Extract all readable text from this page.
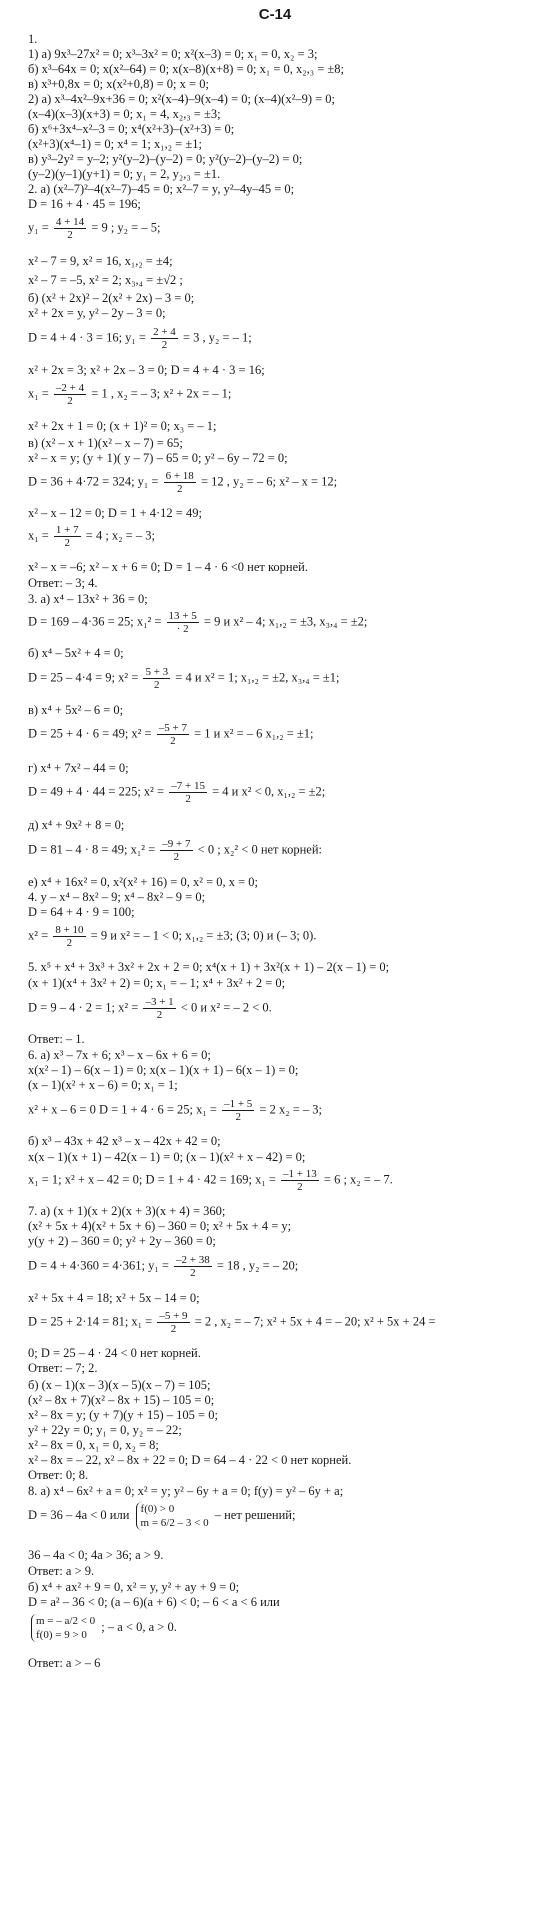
С-14
1.
1) а) 9x³–27x² = 0; x³–3x² = 0; x²(x–3) = 0; x₁ = 0, x₂ = 3;
б) x³–64x = 0; x(x²–64) = 0; x(x–8)(x+8) = 0; x₁ = 0, x₂,₃ = ±8;
в) x³+0,8x = 0; x(x²+0,8) = 0; x = 0;
2) а) x³–4x²–9x+36 = 0; x²(x–4)–9(x–4) = 0; (x–4)(x²–9) = 0;
(x–4)(x–3)(x+3) = 0; x₁ = 4, x₂,₃ = ±3;
б) x⁶+3x⁴–x²–3 = 0; x⁴(x²+3)–(x²+3) = 0;
(x²+3)(x⁴–1) = 0; x⁴ = 1; x₁,₂ = ±1;
в) y³–2y² = y–2; y²(y–2)–(y–2) = 0; y²(y–2)–(y–2) = 0;
(y–2)(y–1)(y+1) = 0; y₁ = 2, y₂,₃ = ±1.
2. а) (x²–7)²–4(x²–7)–45 = 0; x²–7 = y, y²–4y–45 = 0;
D = 16 + 4 · 45 = 196;
$y_1 = \frac{4 + 14}{2} = 9$ ; y₂ = – 5;
x² – 7 = 9, x² = 16, x₁,₂ = ±4;
x² – 7 = –5, x² = 2; x₃,₄ = ±√2 ;
б) (x² + 2x)² – 2(x² + 2x) – 3 = 0;
x² + 2x = y, y² – 2y – 3 = 0;
D = 4 + 4 · 3 = 16; $y_1 = \frac{2 + 4}{2} = 3$ , y₂ = – 1;
x² + 2x = 3; x² + 2x – 3 = 0; D = 4 + 4 · 3 = 16;
$x_1 = \frac{-2 + 4}{2} = 1$ , x₂ = – 3; x² + 2x = – 1;
x² + 2x + 1 = 0; (x + 1)² = 0; x₃ = – 1;
в) (x² – x + 1)(x² – x – 7) = 65;
x² – x = y; (y + 1)( y – 7) – 65 = 0; y² – 6y – 72 = 0;
D = 36 + 4·72 = 324; $y_1 = \frac{6 + 18}{2} = 12$ , y₂ = – 6; x² – x = 12;
x² – x – 12 = 0; D = 1 + 4·12 = 49;
$x_1 = \frac{1 + 7}{2} = 4$ ; x₂ = – 3;
x² – x = –6; x² – x + 6 = 0; D = 1 – 4 · 6 <0 нет корней.
Ответ: – 3; 4.
3. а) x⁴ – 13x² + 36 = 0;
D = 169 – 4·36 = 25; $x_1^2 = \frac{13 + 5}{\cdot 2} = 9$ и x² – 4; x₁,₂ = ±3, x₃,₄ = ±2;
б) x⁴ – 5x² + 4 = 0;
D = 25 – 4·4 = 9; $x^2 = \frac{5 + 3}{2} = 4$ и x² = 1; x₁,₂ = ±2, x₃,₄ = ±1;
в) x⁴ + 5x² – 6 = 0;
D = 25 + 4 · 6 = 49; $x^2 = \frac{-5 + 7}{2} = 1$ и x² = – 6 x₁,₂ = ±1;
г) x⁴ + 7x² – 44 = 0;
D = 49 + 4 · 44 = 225; $x^2 = \frac{-7 + 15}{2} = 4$ и x² < 0, x₁,₂ = ±2;
д) x⁴ + 9x² + 8 = 0;
D = 81 – 4 · 8 = 49; $x_1^2 = \frac{-9 + 7}{2} < 0$ ; x₂² < 0 нет корней:
е) x⁴ + 16x² = 0, x²(x² + 16) = 0, x² = 0, x = 0;
4. y – x⁴ – 8x² – 9; x⁴ – 8x² – 9 = 0;
D = 64 + 4 · 9 = 100;
$x^2 = \frac{8 + 10}{2} = 9$ и x² = – 1 < 0; x₁,₂ = ±3; (3; 0) и (– 3; 0).
5. x⁵ + x⁴ + 3x³ + 3x² + 2x + 2 = 0; x⁴(x + 1) + 3x²(x + 1) – 2(x – 1) = 0;
(x + 1)(x⁴ + 3x² + 2) = 0; x₁ = – 1; x⁴ + 3x² + 2 = 0;
D = 9 – 4 · 2 = 1; $x^2 = \frac{-3 + 1}{2} < 0$ и x² = – 2 < 0.
Ответ: – 1.
6. а) x³ – 7x + 6; x³ – x – 6x + 6 = 0;
x(x² – 1) – 6(x – 1) = 0; x(x – 1)(x + 1) – 6(x – 1) = 0;
(x – 1)(x² + x – 6) = 0; x₁ = 1;
x² + x – 6 = 0 D = 1 + 4 · 6 = 25; $x_1 = \frac{-1 + 5}{2} = 2$ x₂ = – 3;
б) x³ – 43x + 42 x³ – x – 42x + 42 = 0;
x(x – 1)(x + 1) – 42(x – 1) = 0; (x – 1)(x² + x – 42) = 0;
x₁ = 1; x² + x – 42 = 0; D = 1 + 4 · 42 = 169; $x_1 = \frac{-1 + 13}{2} = 6$ ; x₂ = – 7.
7. а) (x + 1)(x + 2)(x + 3)(x + 4) = 360;
(x² + 5x + 4)(x² + 5x + 6) – 360 = 0; x² + 5x + 4 = y;
y(y + 2) – 360 = 0; y² + 2y – 360 = 0;
D = 4 + 4·360 = 4·361; $y_1 = \frac{-2 + 38}{2} = 18$ , y₂ = – 20;
x² + 5x + 4 = 18; x² + 5x – 14 = 0;
D = 25 + 2·14 = 81; $x_1 = \frac{-5 + 9}{2} = 2$ , x₂ = – 7; x² + 5x + 4 = – 20; x² + 5x + 24 =
0; D = 25 – 4 · 24 < 0 нет корней.
Ответ: – 7; 2.
б) (x – 1)(x – 3)(x – 5)(x – 7) = 105;
(x² – 8x + 7)(x² – 8x + 15) – 105 = 0;
x² – 8x = y; (y + 7)(y + 15) – 105 = 0;
y² + 22y = 0; y₁ = 0, y₂ = – 22;
x² – 8x = 0, x₁ = 0, x₂ = 8;
x² – 8x = – 22, x² – 8x + 22 = 0; D = 64 – 4 · 22 < 0 нет корней.
Ответ: 0; 8.
8. а) x⁴ – 6x² + a = 0; x² = y; y² – 6y + a = 0; f(y) = y² – 6y + a;
D = 36 – 4a < 0 или f(0) > 0
m = 6/2 – 3 < 0
– нет решений;
36 – 4a < 0; 4a > 36; a > 9.
Ответ: a > 9.
б) x⁴ + ax² + 9 = 0, x² = y, y² + ay + 9 = 0;
D = a² – 36 < 0; (a – 6)(a + 6) < 0; – 6 < a < 6 или
m = – a/2 < 0
f(0) = 9 > 0
; – a < 0, a > 0.
Ответ: a > – 6
